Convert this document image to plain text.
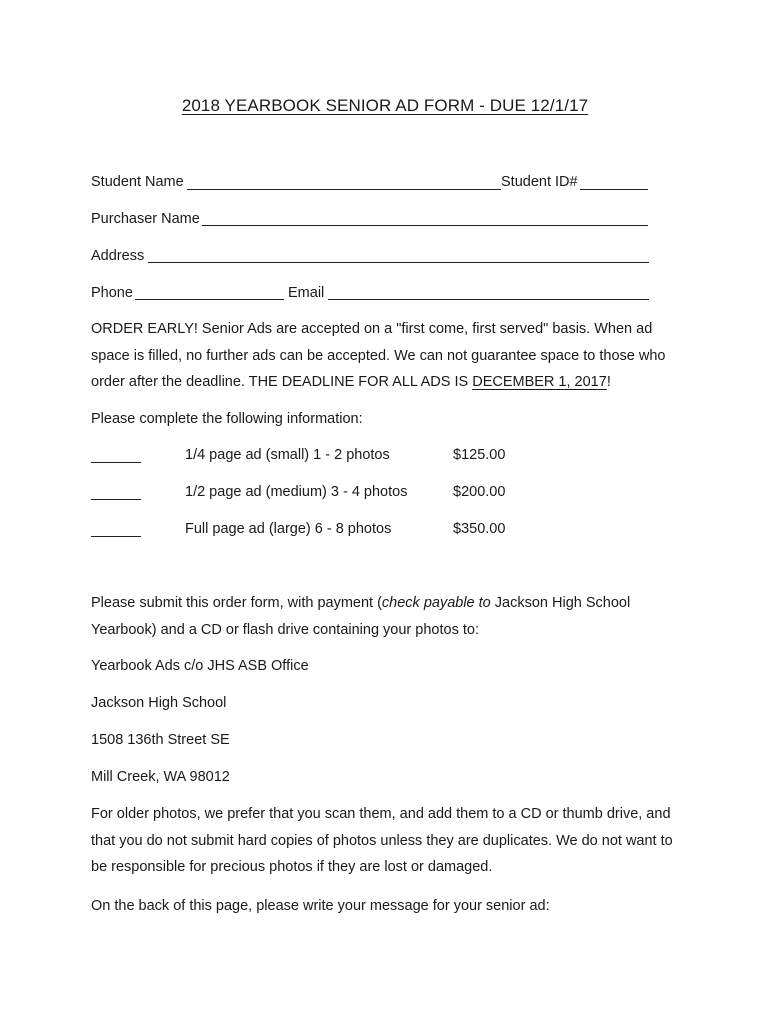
2018 YEARBOOK SENIOR AD FORM - DUE 12/1/17
Student Name	Student ID#
Purchaser Name
Address
Phone	Email
ORDER EARLY! Senior Ads are accepted on a "first come, first served" basis. When ad space is filled, no further ads can be accepted. We can not guarantee space to those who order after the deadline. THE DEADLINE FOR ALL ADS IS DECEMBER 1, 2017!
Please complete the following information:
1/4 page ad (small) 1 - 2 photos	$125.00
1/2 page ad (medium) 3 - 4 photos	$200.00
Full page ad (large) 6 - 8 photos	$350.00
Please submit this order form, with payment (check payable to Jackson High School Yearbook) and a CD or flash drive containing your photos to:
Yearbook Ads c/o JHS ASB Office
Jackson High School
1508 136th Street SE
Mill Creek, WA 98012
For older photos, we prefer that you scan them, and add them to a CD or thumb drive, and that you do not submit hard copies of photos unless they are duplicates. We do not want to be responsible for precious photos if they are lost or damaged.
On the back of this page, please write your message for your senior ad:
